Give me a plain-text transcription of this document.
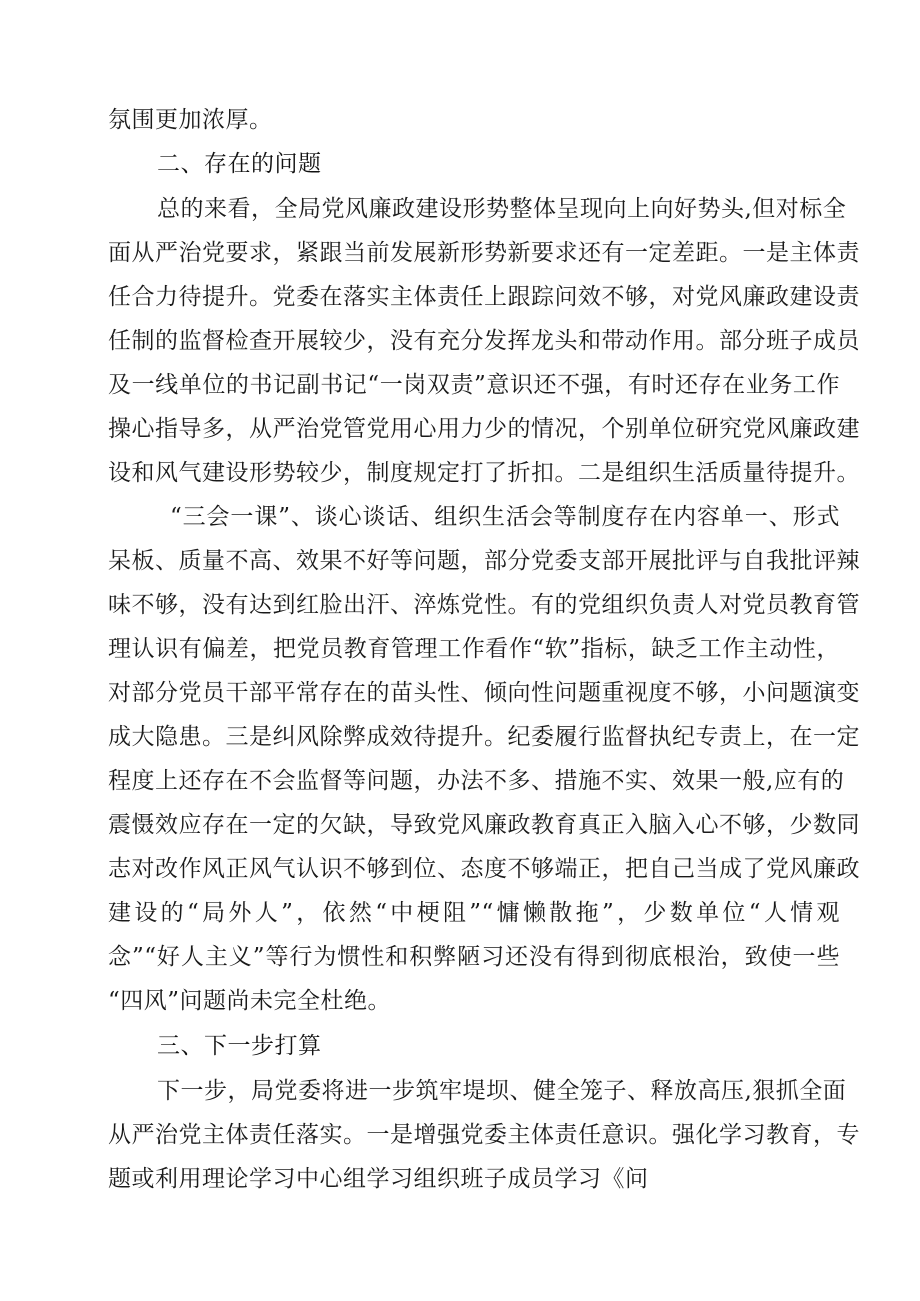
氛围更加浓厚。
二、存在的问题
总的来看，全局党风廉政建设形势整体呈现向上向好势头,但对标全
面从严治党要求，紧跟当前发展新形势新要求还有一定差距。一是主体责
任合力待提升。党委在落实主体责任上跟踪问效不够，对党风廉政建设责
任制的监督检查开展较少，没有充分发挥龙头和带动作用。部分班子成员
及一线单位的书记副书记“一岗双责”意识还不强，有时还存在业务工作
操心指导多，从严治党管党用心用力少的情况，个别单位研究党风廉政建
设和风气建设形势较少，制度规定打了折扣。二是组织生活质量待提升。
“三会一课”、谈心谈话、组织生活会等制度存在内容单一、形式
呆板、质量不高、效果不好等问题，部分党委支部开展批评与自我批评辣
味不够，没有达到红脸出汗、淬炼党性。有的党组织负责人对党员教育管
理认识有偏差，把党员教育管理工作看作“软”指标，缺乏工作主动性，
对部分党员干部平常存在的苗头性、倾向性问题重视度不够，小问题演变
成大隐患。三是纠风除弊成效待提升。纪委履行监督执纪专责上，在一定
程度上还存在不会监督等问题，办法不多、措施不实、效果一般,应有的
震慑效应存在一定的欠缺，导致党风廉政教育真正入脑入心不够，少数同
志对改作风正风气认识不够到位、态度不够端正，把自己当成了党风廉政
建设的“局外人”，依然“中梗阻”“慵懒散拖”，少数单位“人情观
念”“好人主义”等行为惯性和积弊陋习还没有得到彻底根治，致使一些
“四风”问题尚未完全杜绝。
三、下一步打算
下一步，局党委将进一步筑牢堤坝、健全笼子、释放高压,狠抓全面
从严治党主体责任落实。一是增强党委主体责任意识。强化学习教育，专
题或利用理论学习中心组学习组织班子成员学习《问
